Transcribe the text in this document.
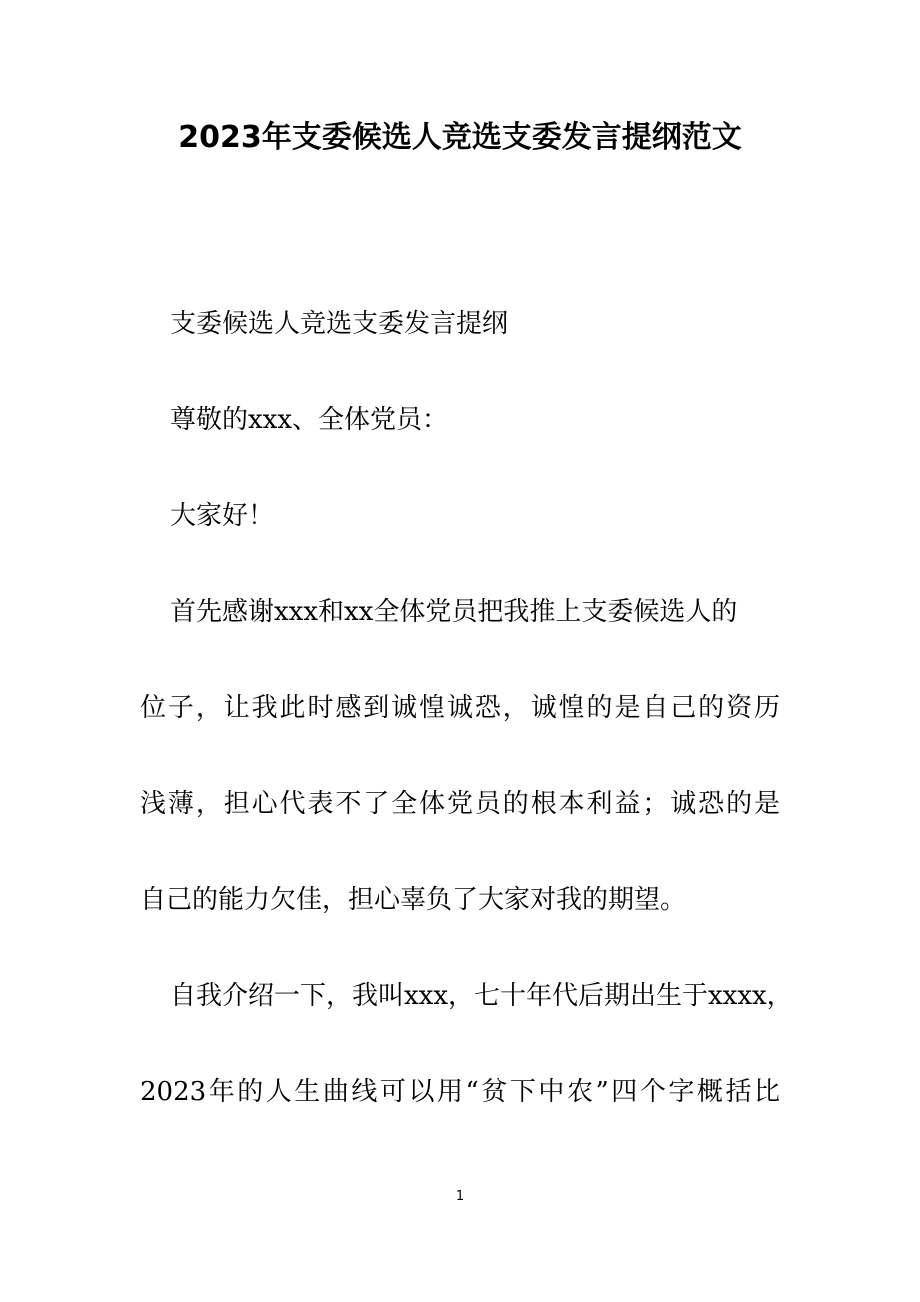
2023年支委候选人竞选支委发言提纲范文
支委候选人竞选支委发言提纲
尊敬的xxx、全体党员：
大家好！
首先感谢xxx和xx全体党员把我推上支委候选人的
位子，让我此时感到诚惶诚恐，诚惶的是自己的资历
浅薄，担心代表不了全体党员的根本利益；诚恐的是
自己的能力欠佳，担心辜负了大家对我的期望。
自我介绍一下，我叫xxx，七十年代后期出生于xxxx，
2023年的人生曲线可以用“贫下中农”四个字概括比
1
